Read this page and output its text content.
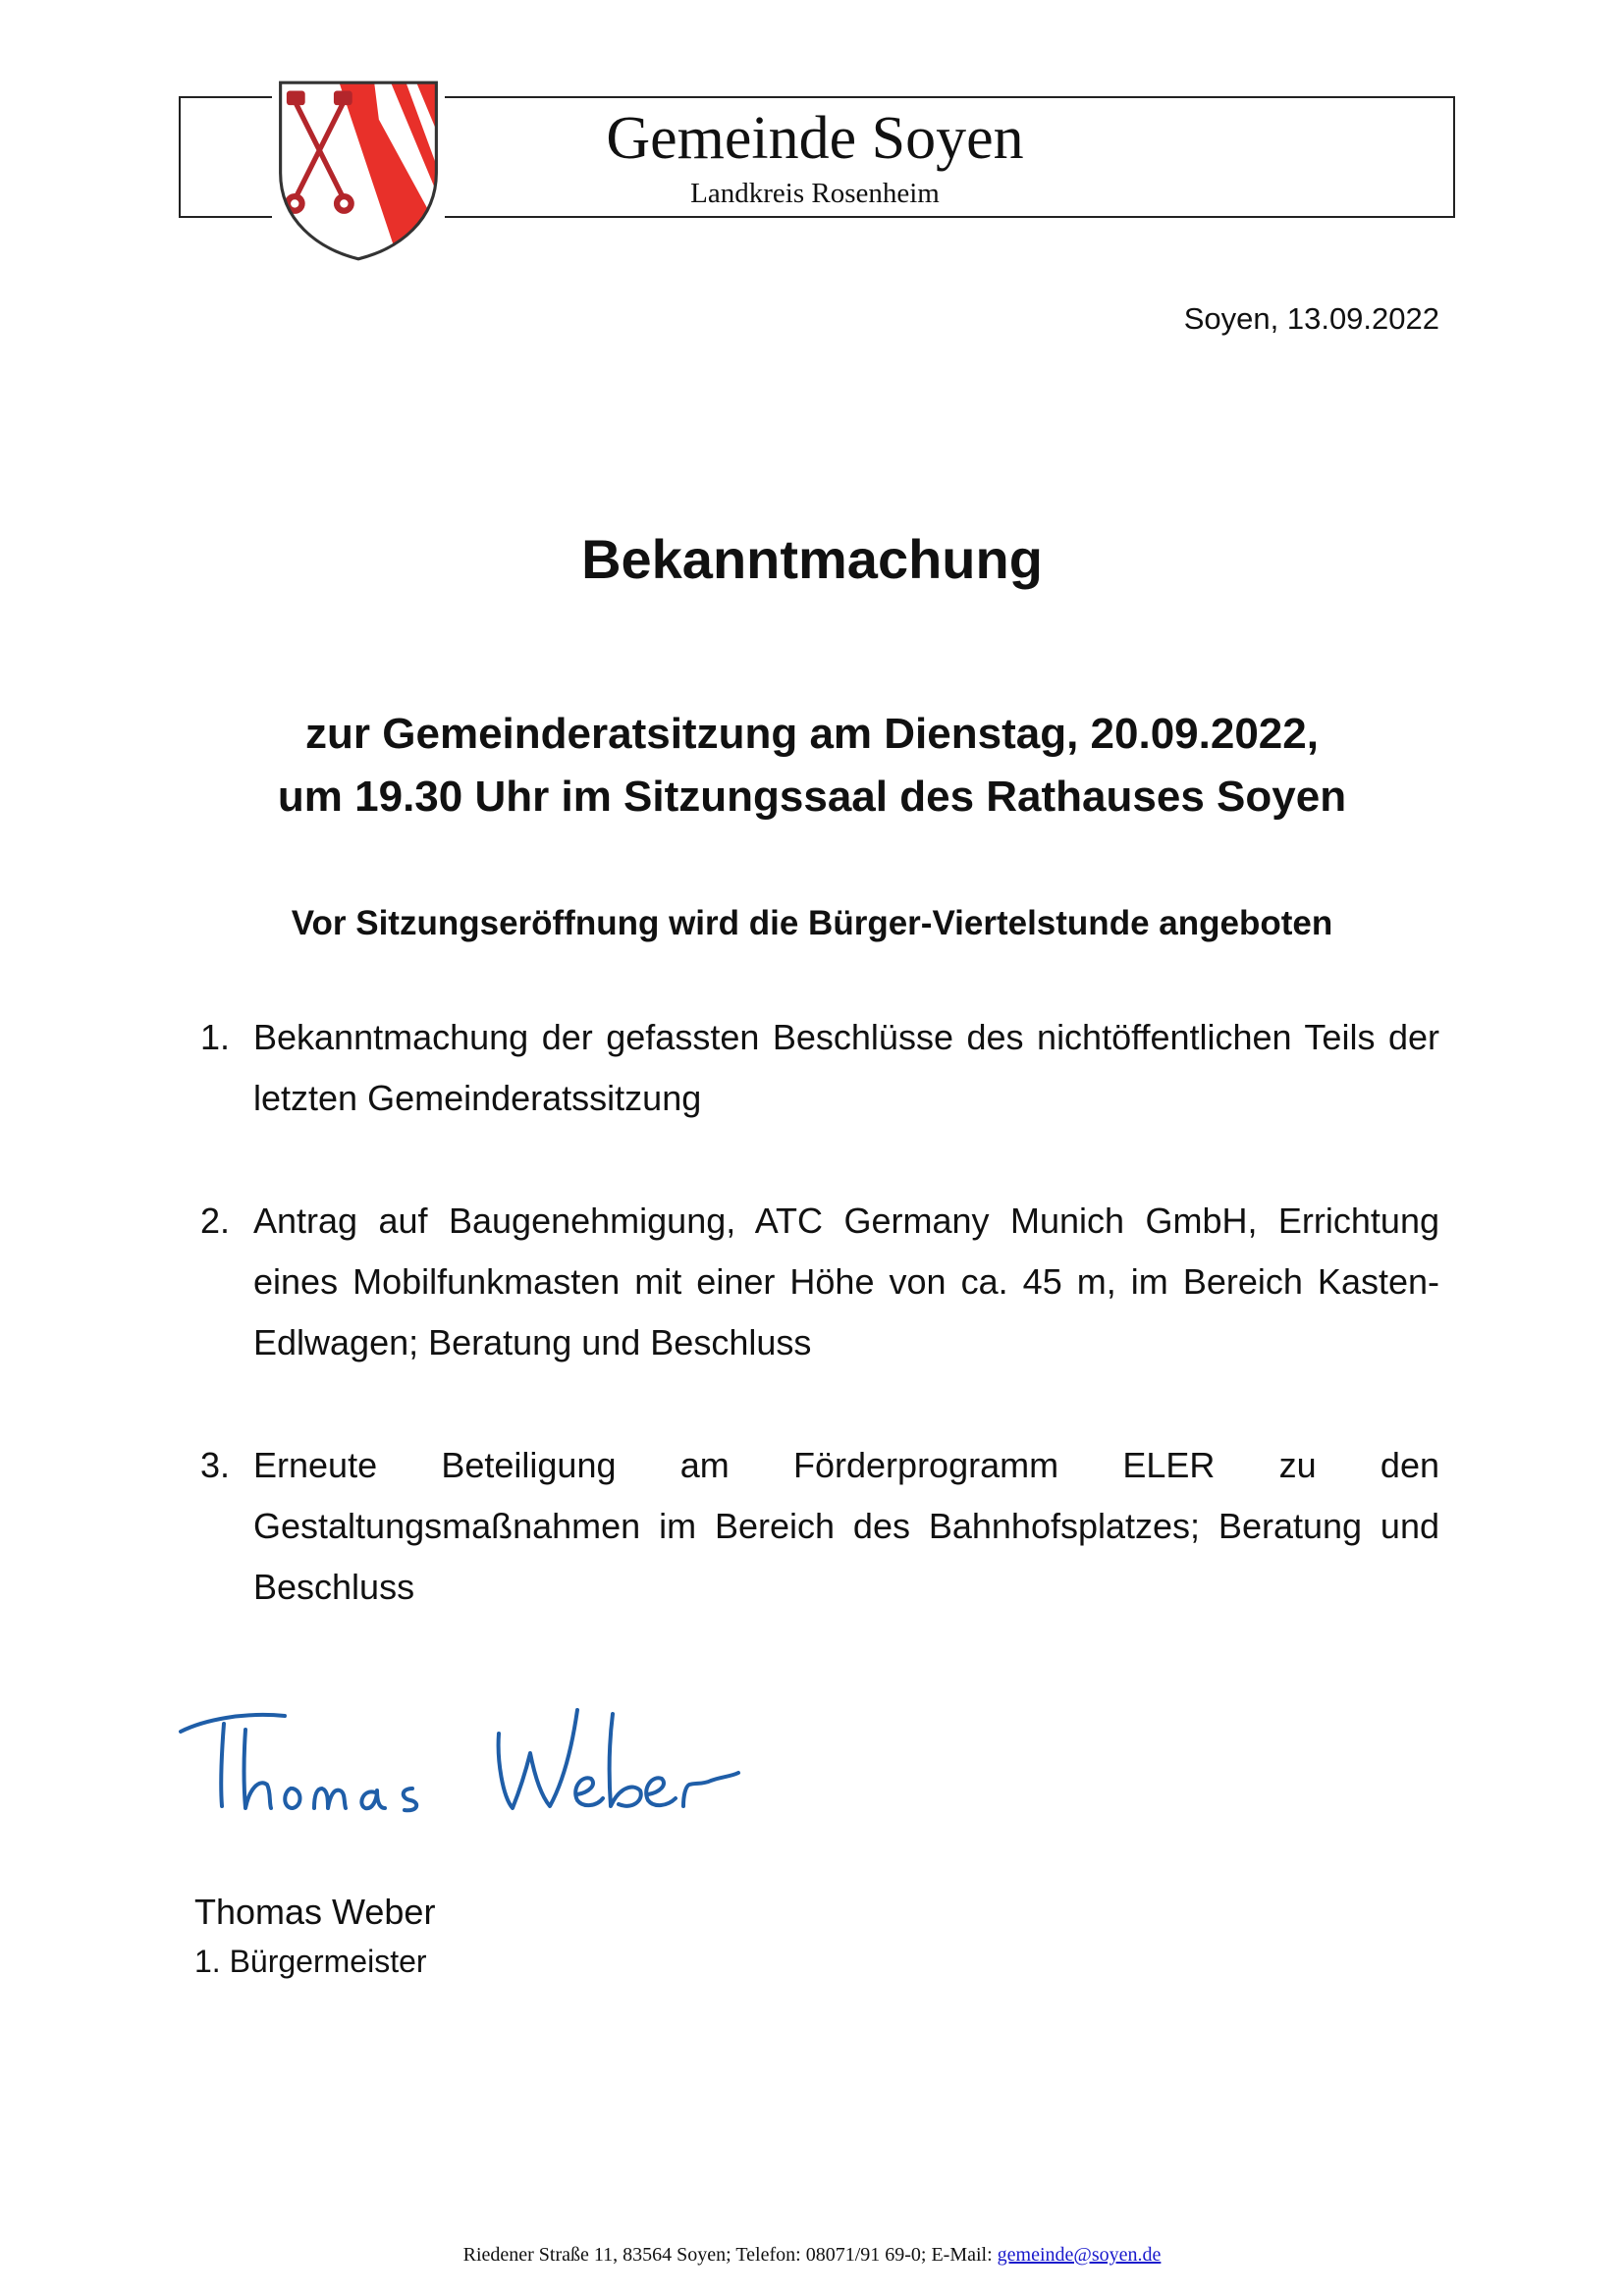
Gemeinde Soyen
Landkreis Rosenheim
Soyen, 13.09.2022
Bekanntmachung
zur Gemeinderatsitzung am Dienstag, 20.09.2022,
um 19.30 Uhr im Sitzungssaal des Rathauses Soyen
Vor Sitzungseröffnung wird die Bürger-Viertelstunde angeboten
1. Bekanntmachung der gefassten Beschlüsse des nichtöffentlichen Teils der letzten Gemeinderatssitzung
2. Antrag auf Baugenehmigung, ATC Germany Munich GmbH, Errichtung eines Mobilfunkmasten mit einer Höhe von ca. 45 m, im Bereich Kasten-Edlwagen; Beratung und Beschluss
3. Erneute Beteiligung am Förderprogramm ELER zu den Gestaltungsmaßnahmen im Bereich des Bahnhofsplatzes; Beratung und Beschluss
Thomas Weber
1. Bürgermeister
Riedener Straße 11, 83564 Soyen; Telefon: 08071/91 69-0; E-Mail: gemeinde@soyen.de
